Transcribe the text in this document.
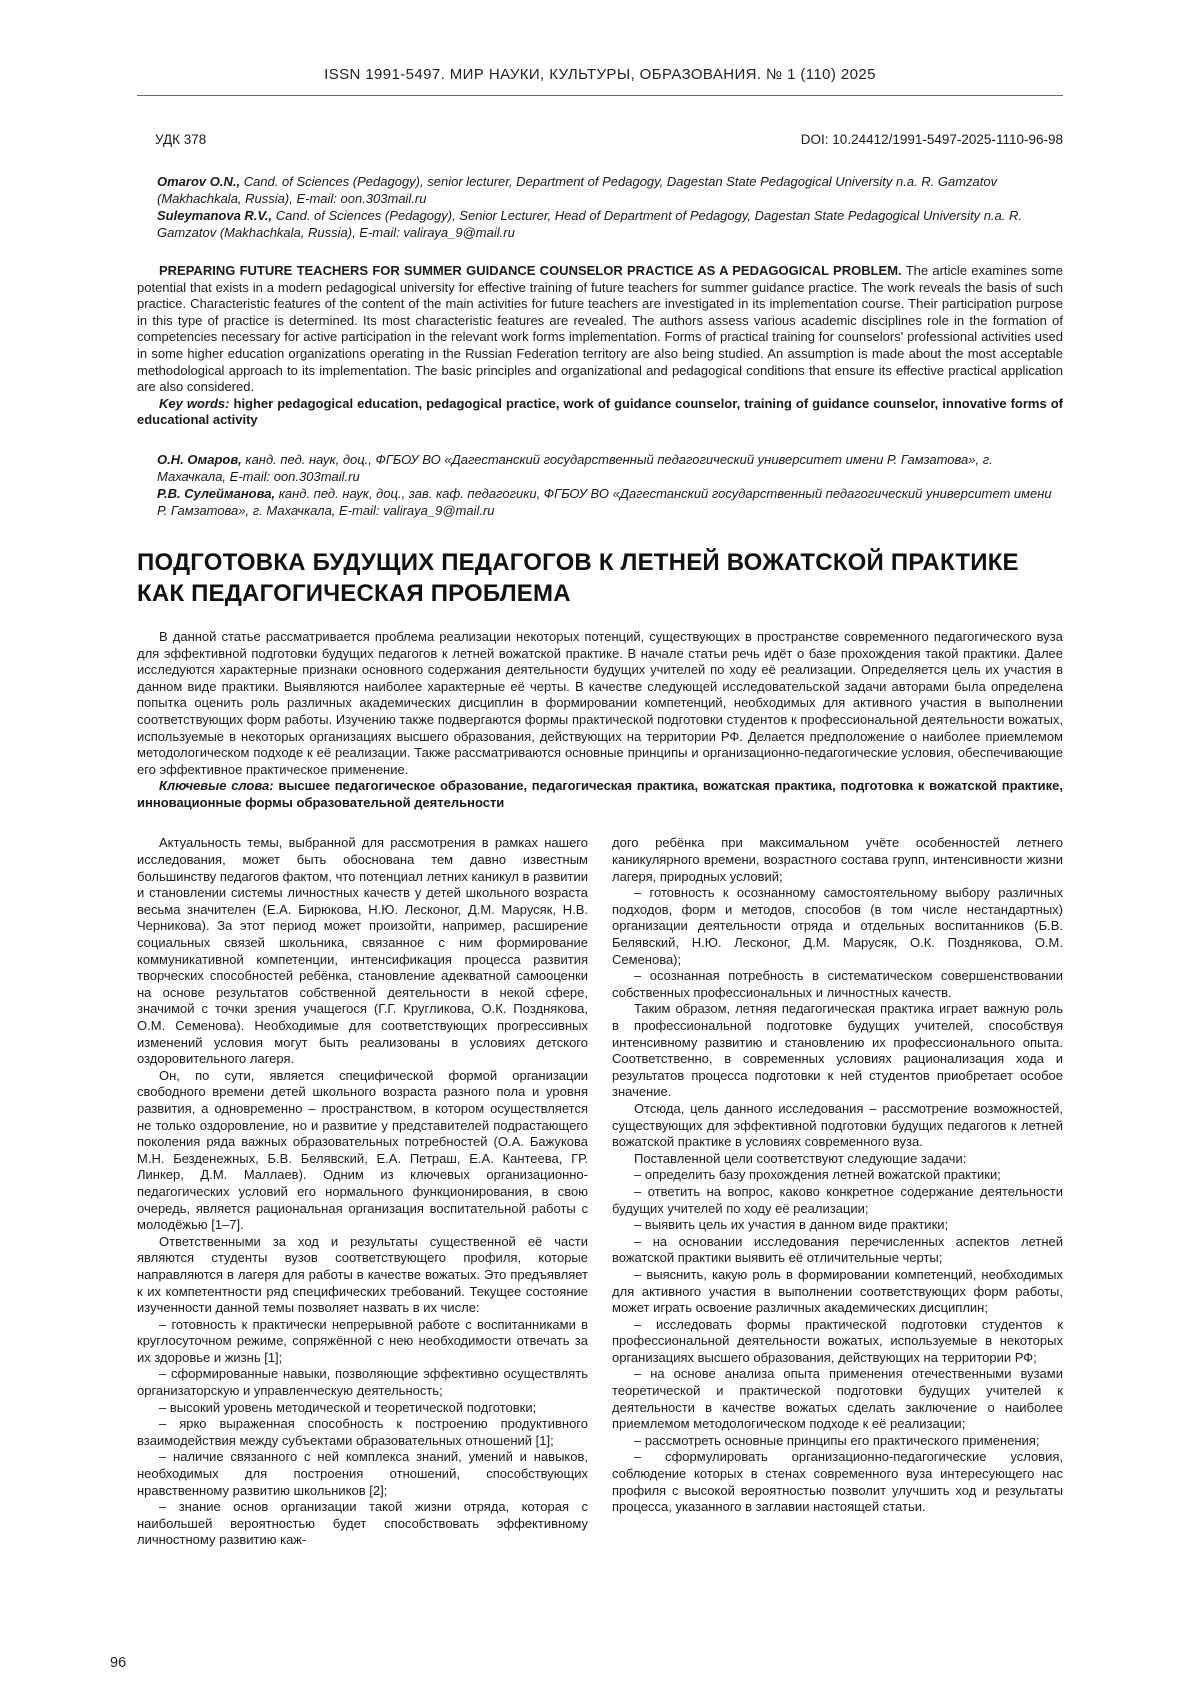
ISSN 1991-5497. МИР НАУКИ, КУЛЬТУРЫ, ОБРАЗОВАНИЯ. № 1 (110) 2025
УДК 378	DOI: 10.24412/1991-5497-2025-1110-96-98

Omarov O.N., Cand. of Sciences (Pedagogy), senior lecturer, Department of Pedagogy, Dagestan State Pedagogical University n.a. R. Gamzatov (Makhachkala, Russia), E-mail: oon.303mail.ru

Suleymanova R.V., Cand. of Sciences (Pedagogy), Senior Lecturer, Head of Department of Pedagogy, Dagestan State Pedagogical University n.a. R. Gamzatov (Makhachkala, Russia), E-mail: valiraya_9@mail.ru

PREPARING FUTURE TEACHERS FOR SUMMER GUIDANCE COUNSELOR PRACTICE AS A PEDAGOGICAL PROBLEM. The article examines some potential that exists in a modern pedagogical university for effective training of future teachers for summer guidance practice. The work reveals the basis of such practice. Characteristic features of the content of the main activities for future teachers are investigated in its implementation course. Their participation purpose in this type of practice is determined. Its most characteristic features are revealed. The authors assess various academic disciplines role in the formation of competencies necessary for active participation in the relevant work forms implementation. Forms of practical training for counselors' professional activities used in some higher education organizations operating in the Russian Federation territory are also being studied. An assumption is made about the most acceptable methodological approach to its implementation. The basic principles and organizational and pedagogical conditions that ensure its effective practical application are also considered.

Key words: higher pedagogical education, pedagogical practice, work of guidance counselor, training of guidance counselor, innovative forms of educational activity

О.Н. Омаров, канд. пед. наук, доц., ФГБОУ ВО «Дагестанский государственный педагогический университет имени Р. Гамзатова», г. Махачкала, E-mail: oon.303mail.ru

Р.В. Сулейманова, канд. пед. наук, доц., зав. каф. педагогики, ФГБОУ ВО «Дагестанский государственный педагогический университет имени Р. Гамзатова», г. Махачкала, E-mail: valiraya_9@mail.ru

ПОДГОТОВКА БУДУЩИХ ПЕДАГОГОВ К ЛЕТНЕЙ ВОЖАТСКОЙ ПРАКТИКЕ
КАК ПЕДАГОГИЧЕСКАЯ ПРОБЛЕМА

В данной статье рассматривается проблема реализации некоторых потенций, существующих в пространстве современного педагогического вуза для эффективной подготовки будущих педагогов к летней вожатской практике. В начале статьи речь идёт о базе прохождения такой практики. Далее исследуются характерные признаки основного содержания деятельности будущих учителей по ходу её реализации. Определяется цель их участия в данном виде практики. Выявляются наиболее характерные её черты. В качестве следующей исследовательской задачи авторами была определена попытка оценить роль различных академических дисциплин в формировании компетенций, необходимых для активного участия в выполнении соответствующих форм работы. Изучению также подвергаются формы практической подготовки студентов к профессиональной деятельности вожатых, используемые в некоторых организациях высшего образования, действующих на территории РФ. Делается предположение о наиболее приемлемом методологическом подходе к её реализации. Также рассматриваются основные принципы и организационно-педагогические условия, обеспечивающие его эффективное практическое применение.

Ключевые слова: высшее педагогическое образование, педагогическая практика, вожатская практика, подготовка к вожатской практике, инновационные формы образовательной деятельности

Актуальность темы, выбранной для рассмотрения в рамках нашего исследования, может быть обоснована тем давно известным большинству педагогов фактом, что потенциал летних каникул в развитии и становлении системы личностных качеств у детей школьного возраста весьма значителен (Е.А. Бирюкова, Н.Ю. Лесконог, Д.М. Марусяк, Н.В. Черникова). За этот период может произойти, например, расширение социальных связей школьника, связанное с ним формирование коммуникативной компетенции, интенсификация процесса развития творческих способностей ребёнка, становление адекватной самооценки на основе результатов собственной деятельности в некой сфере, значимой с точки зрения учащегося (Г.Г. Кругликова, О.К. Позднякова, О.М. Семенова). Необходимые для соответствующих прогрессивных изменений условия могут быть реализованы в условиях детского оздоровительного лагеря.

Он, по сути, является специфической формой организации свободного времени детей школьного возраста разного пола и уровня развития, а одновременно – пространством, в котором осуществляется не только оздоровление, но и развитие у представителей подрастающего поколения ряда важных образовательных потребностей (О.А. Бажукова М.Н. Безденежных, Б.В. Белявский, Е.А. Петраш, Е.А. Кантеева, ГР. Линкер, Д.М. Маллаев). Одним из ключевых организационно-педагогических условий его нормального функционирования, в свою очередь, является рациональная организация воспитательной работы с молодёжью [1–7].

Ответственными за ход и результаты существенной её части являются студенты вузов соответствующего профиля, которые направляются в лагеря для работы в качестве вожатых. Это предъявляет к их компетентности ряд специфических требований. Текущее состояние изученности данной темы позволяет назвать в их числе:

– готовность к практически непрерывной работе с воспитанниками в круглосуточном режиме, сопряжённой с нею необходимости отвечать за их здоровье и жизнь [1];

– сформированные навыки, позволяющие эффективно осуществлять организаторскую и управленческую деятельность;

– высокий уровень методической и теоретической подготовки;

– ярко выраженная способность к построению продуктивного взаимодействия между субъектами образовательных отношений [1];

– наличие связанного с ней комплекса знаний, умений и навыков, необходимых для построения отношений, способствующих нравственному развитию школьников [2];

– знание основ организации такой жизни отряда, которая с наибольшей вероятностью будет способствовать эффективному личностному развитию каж-

дого ребёнка при максимальном учёте особенностей летнего каникулярного времени, возрастного состава групп, интенсивности жизни лагеря, природных условий;

– готовность к осознанному самостоятельному выбору различных подходов, форм и методов, способов (в том числе нестандартных) организации деятельности отряда и отдельных воспитанников (Б.В. Белявский, Н.Ю. Лесконог, Д.М. Марусяк, О.К. Позднякова, О.М. Семенова);

– осознанная потребность в систематическом совершенствовании собственных профессиональных и личностных качеств.

Таким образом, летняя педагогическая практика играет важную роль в профессиональной подготовке будущих учителей, способствуя интенсивному развитию и становлению их профессионального опыта. Соответственно, в современных условиях рационализация хода и результатов процесса подготовки к ней студентов приобретает особое значение.

Отсюда, цель данного исследования – рассмотрение возможностей, существующих для эффективной подготовки будущих педагогов к летней вожатской практике в условиях современного вуза.

Поставленной цели соответствуют следующие задачи:

– определить базу прохождения летней вожатской практики;

– ответить на вопрос, каково конкретное содержание деятельности будущих учителей по ходу её реализации;

– выявить цель их участия в данном виде практики;

– на основании исследования перечисленных аспектов летней вожатской практики выявить её отличительные черты;

– выяснить, какую роль в формировании компетенций, необходимых для активного участия в выполнении соответствующих форм работы, может играть освоение различных академических дисциплин;

– исследовать формы практической подготовки студентов к профессиональной деятельности вожатых, используемые в некоторых организациях высшего образования, действующих на территории РФ;

– на основе анализа опыта применения отечественными вузами теоретической и практической подготовки будущих учителей к деятельности в качестве вожатых сделать заключение о наиболее приемлемом методологическом подходе к её реализации;

– рассмотреть основные принципы его практического применения;

– сформулировать организационно-педагогические условия, соблюдение которых в стенах современного вуза интересующего нас профиля с высокой вероятностью позволит улучшить ход и результаты процесса, указанного в заглавии настоящей статьи.

96
